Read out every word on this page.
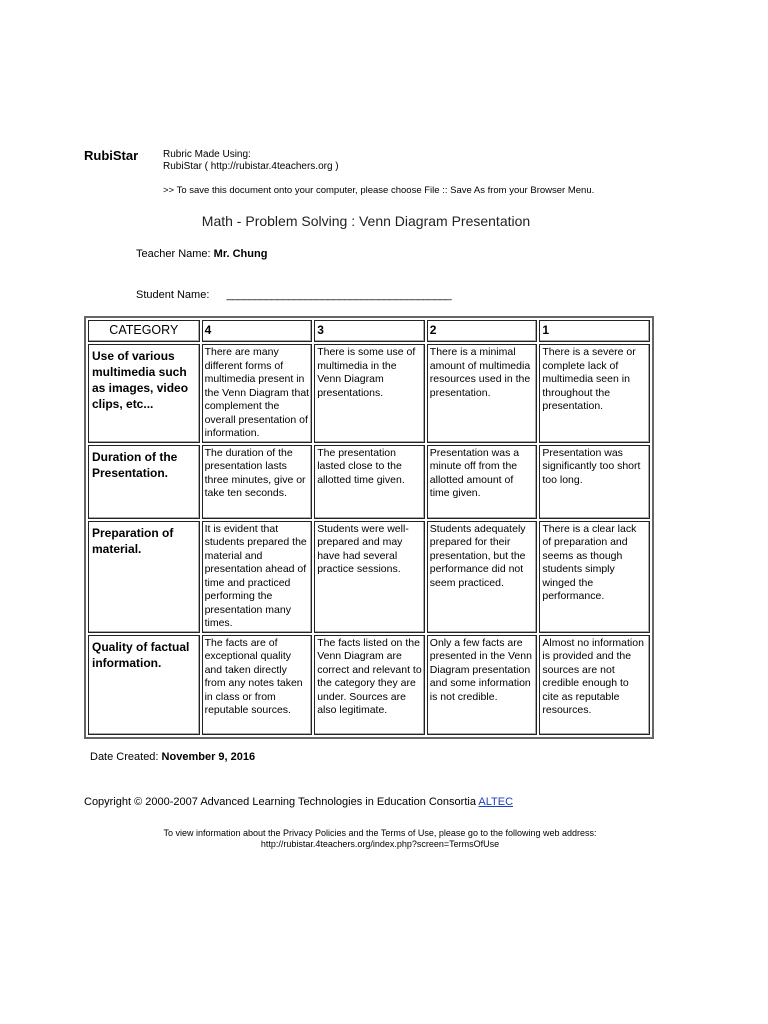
RubiStar Rubric Made Using:
RubiStar ( http://rubistar.4teachers.org )
>> To save this document onto your computer, please choose File :: Save As from your Browser Menu.
Math - Problem Solving : Venn Diagram Presentation
Teacher Name: Mr. Chung
Student Name: ________________________________________
CATEGORY	4	3	2	1
Use of various multimedia such as images, video clips, etc...	There are many different forms of multimedia present in the Venn Diagram that complement the overall presentation of information.	There is some use of multimedia in the Venn Diagram presentations.	There is a minimal amount of multimedia resources used in the presentation.	There is a severe or complete lack of multimedia seen in throughout the presentation.
Duration of the Presentation.	The duration of the presentation lasts three minutes, give or take ten seconds.	The presentation lasted close to the allotted time given.	Presentation was a minute off from the allotted amount of time given.	Presentation was significantly too short too long.
Preparation of material.	It is evident that students prepared the material and presentation ahead of time and practiced performing the presentation many times.	Students were well-prepared and may have had several practice sessions.	Students adequately prepared for their presentation, but the performance did not seem practiced.	There is a clear lack of preparation and seems as though students simply winged the performance.
Quality of factual information.	The facts are of exceptional quality and taken directly from any notes taken in class or from reputable sources.	The facts listed on the Venn Diagram are correct and relevant to the category they are under. Sources are also legitimate.	Only a few facts are presented in the Venn Diagram presentation and some information is not credible.	Almost no information is provided and the sources are not credible enough to cite as reputable resources.
Date Created: November 9, 2016
Copyright © 2000-2007 Advanced Learning Technologies in Education Consortia ALTEC
To view information about the Privacy Policies and the Terms of Use, please go to the following web address:
http://rubistar.4teachers.org/index.php?screen=TermsOfUse
